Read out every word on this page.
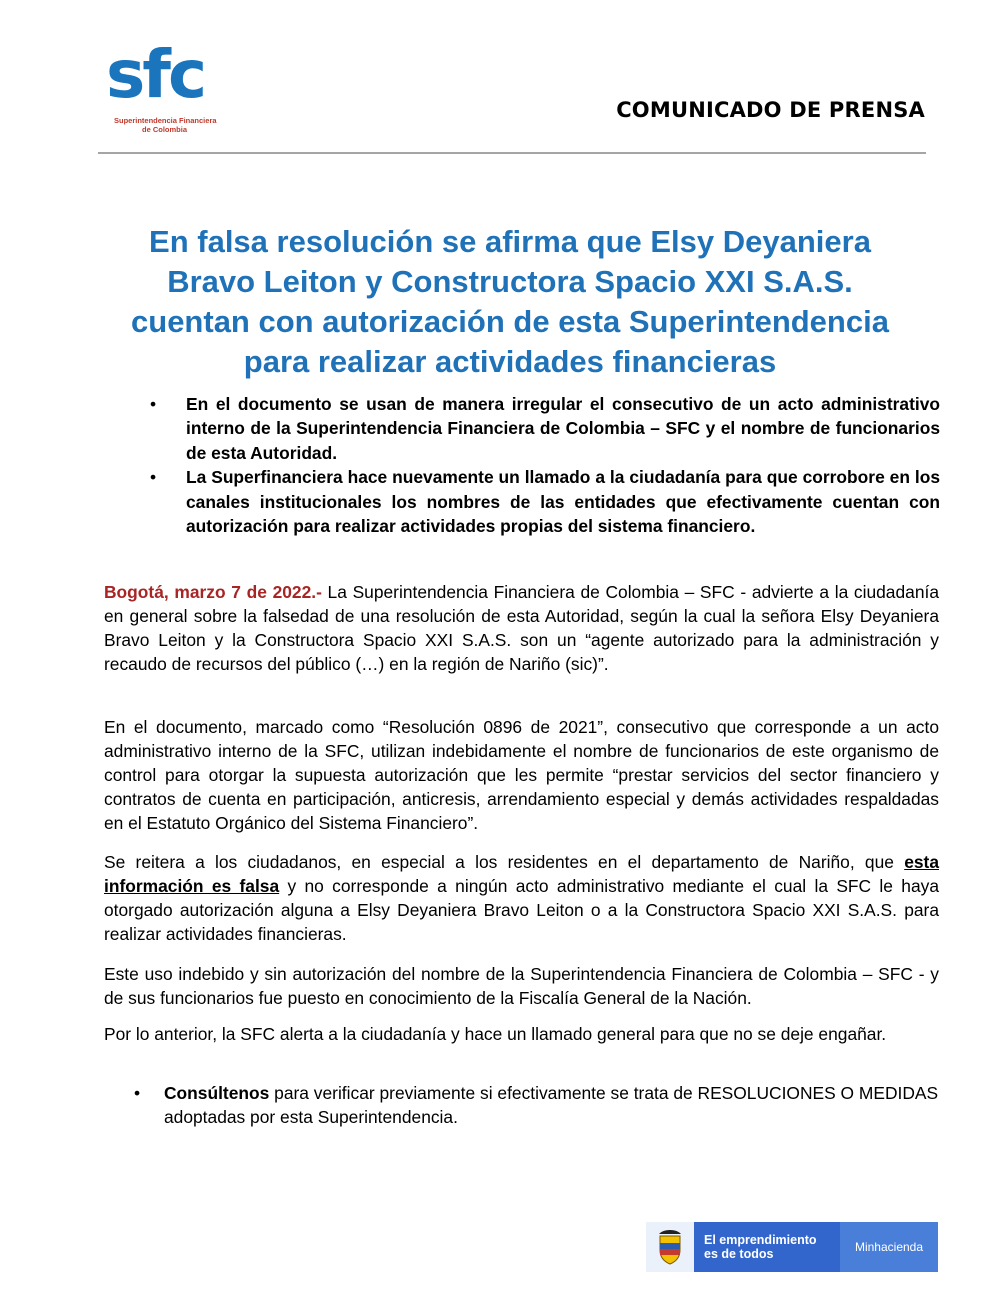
sfc
Superintendencia Financiera
de Colombia
COMUNICADO DE PRENSA
En falsa resolución se afirma que Elsy Deyaniera
Bravo Leiton y Constructora Spacio XXI S.A.S.
cuentan con autorización de esta Superintendencia
para realizar actividades financieras
• En el documento se usan de manera irregular el consecutivo de un acto administrativo interno de la Superintendencia Financiera de Colombia – SFC y el nombre de funcionarios de esta Autoridad.
• La Superfinanciera hace nuevamente un llamado a la ciudadanía para que corrobore en los canales institucionales los nombres de las entidades que efectivamente cuentan con autorización para realizar actividades propias del sistema financiero.

Bogotá, marzo 7 de 2022.- La Superintendencia Financiera de Colombia – SFC - advierte a la ciudadanía en general sobre la falsedad de una resolución de esta Autoridad, según la cual la señora Elsy Deyaniera Bravo Leiton y la Constructora Spacio XXI S.A.S. son un “agente autorizado para la administración y recaudo de recursos del público (…) en la región de Nariño (sic)”.

En el documento, marcado como “Resolución 0896 de 2021”, consecutivo que corresponde a un acto administrativo interno de la SFC, utilizan indebidamente el nombre de funcionarios de este organismo de control para otorgar la supuesta autorización que les permite “prestar servicios del sector financiero y contratos de cuenta en participación, anticresis, arrendamiento especial y demás actividades respaldadas en el Estatuto Orgánico del Sistema Financiero”.

Se reitera a los ciudadanos, en especial a los residentes en el departamento de Nariño, que esta información es falsa y no corresponde a ningún acto administrativo mediante el cual la SFC le haya otorgado autorización alguna a Elsy Deyaniera Bravo Leiton o a la Constructora Spacio XXI S.A.S. para realizar actividades financieras.

Este uso indebido y sin autorización del nombre de la Superintendencia Financiera de Colombia – SFC - y de sus funcionarios fue puesto en conocimiento de la Fiscalía General de la Nación.

Por lo anterior, la SFC alerta a la ciudadanía y hace un llamado general para que no se deje engañar.

• Consúltenos para verificar previamente si efectivamente se trata de RESOLUCIONES O MEDIDAS adoptadas por esta Superintendencia.
El emprendimiento
es de todos	Minhacienda
